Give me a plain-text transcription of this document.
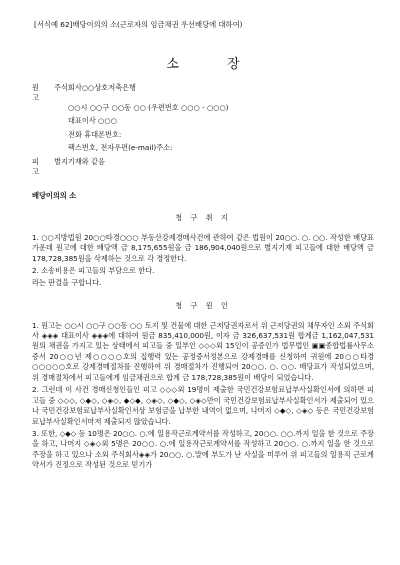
[서식예 62]배당이의의 소(근로자의 임금채권 우선배당에 대하여)
소 장
원 고
주식회사○○상호저축은행
○○시 ○○구 ○○동 ○○ (우편번호 ○○○ - ○○○)
대표이사 ○○○
전화 휴대폰번호:
팩스번호, 전자우편(e-mail)주소:
피 고
별지기재와 같음
배당이의의 소
청 구 취 지

1. ○○지방법원 20○○타경○○○ 부동산강제경매사건에 관하여 같은 법원이 20○○. ○. ○○. 작성한 배당표 가운데 원고에 대한 배당액 금 8,175,655원을 금 186,904,040원으로 별지기재 피고들에 대한 배당액 금 178,728,385원을 삭제하는 것으로 각 경정한다.

2. 소송비용은 피고들의 부담으로 한다.

라는 판결을 구합니다.

청 구 원 인

1. 원고는 ○○시 ○○구 ○○동 ○○ 토지 및 건물에 대한 근저당권자로서 위 근저당권의 채무자인 소외 주식회사 ◈◈◈ 대표이사 ◈◈◈에 대하여 원금 835,410,000원, 이자 금 326,637,531원 합계금 1,162,047,531원의 채권을 가지고 있는 상태에서 피고들 중 일부인 ◇◇◇외 15인이 공증인가 법무법인 ▣▣종합법률사무소 증서 20○○년 제○○○○호의 집행력 있는 공정증서정본으로 강제경매를 신청하여 귀원에 20○○타경○○○○○호로 강제경매절차를 진행하여 위 경매절차가 진행되어 20○○. ○. ○○. 배당표가 작성되었으며, 위 경매절차에서 피고들에게 임금채권으로 합계 금 178,728,385원이 배당이 되었습니다.

2. 그런데 이 사건 경매신청인들인 피고 ◇◇◇외 19명이 제출한 국민건강보험료납부사실확인서에 의하면 피고들 중 ◇◇◇, ◇◆◇, ◇◈◇, ◆◇◆, ◇◈◇, ◇◆◇, ◇◈◇만이 국민건강보험료납부사실확인서가 제출되어 있으나 국민건강보험료납부사실확인서상 보험금을 납부한 내역이 없으며, 나머지 ◇◆◇, ◇◈◇ 등은 국민건강보험료납부사실확인서마저 제출되지 않았습니다.

3. 또한, ◇◆◇ 등 10명은 20○○. ○.에 일용작근로계약서를 작성하고, 20○○. ○○.까지 일을 한 것으로 주장을 하고, 나머지 ◇◈◇외 5명은 20○○. ○.에 일용작근로계약서를 작성하고 20○○. ○.까지 일을 한 것으로 주장을 하고 있으나 소외 주식회사◈◈가 20○○. ○.말에 부도가 난 사실을 미루어 위 피고들의 일용직 근로계약서가 진정으로 작성된 것으로 믿기가
